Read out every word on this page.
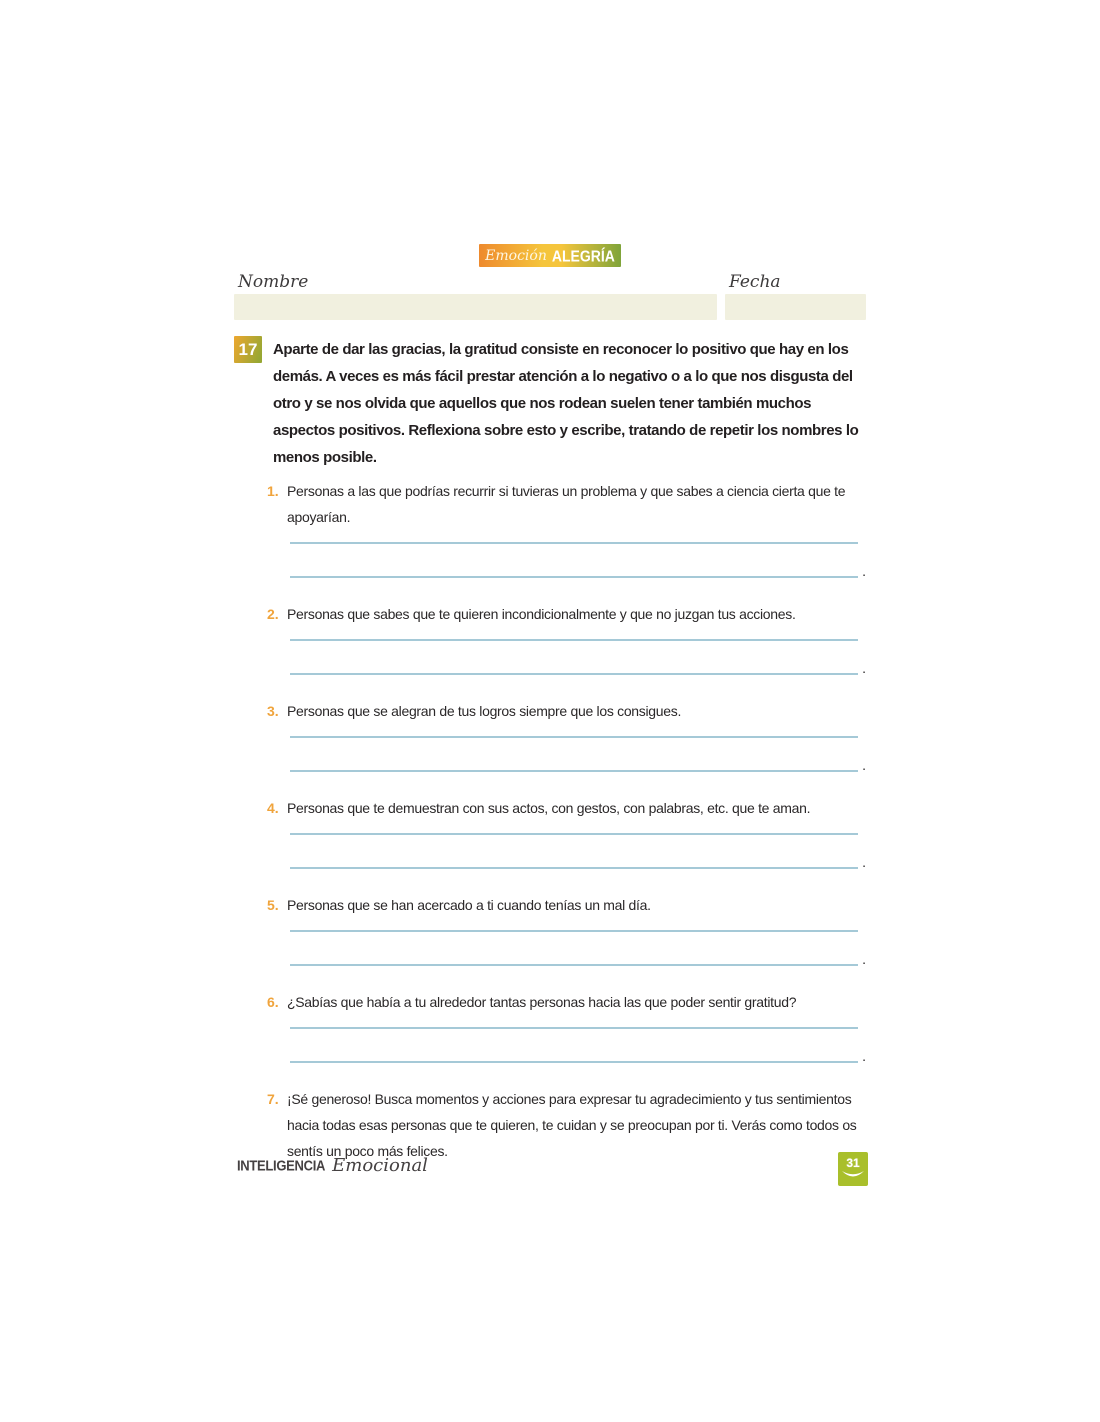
Emoción ALEGRÍA
Nombre	Fecha
17	Aparte de dar las gracias, la gratitud consiste en reconocer lo positivo que hay en los demás. A veces es más fácil prestar atención a lo negativo o a lo que nos disgusta del otro y se nos olvida que aquellos que nos rodean suelen tener también muchos aspectos positivos. Reflexiona sobre esto y escribe, tratando de repetir los nombres lo menos posible.

1. Personas a las que podrías recurrir si tuvieras un problema y que sabes a ciencia cierta que te apoyarían.

.
2. Personas que sabes que te quieren incondicionalmente y que no juzgan tus acciones.

.
3. Personas que se alegran de tus logros siempre que los consigues.

.
4. Personas que te demuestran con sus actos, con gestos, con palabras, etc. que te aman.

.
5. Personas que se han acercado a ti cuando tenías un mal día.

.
6. ¿Sabías que había a tu alrededor tantas personas hacia las que poder sentir gratitud?

.
7. ¡Sé generoso! Busca momentos y acciones para expresar tu agradecimiento y tus sentimientos hacia todas esas personas que te quieren, te cuidan y se preocupan por ti. Verás como todos os sentís un poco más felices.

INTELIGENCIA Emocional	31
